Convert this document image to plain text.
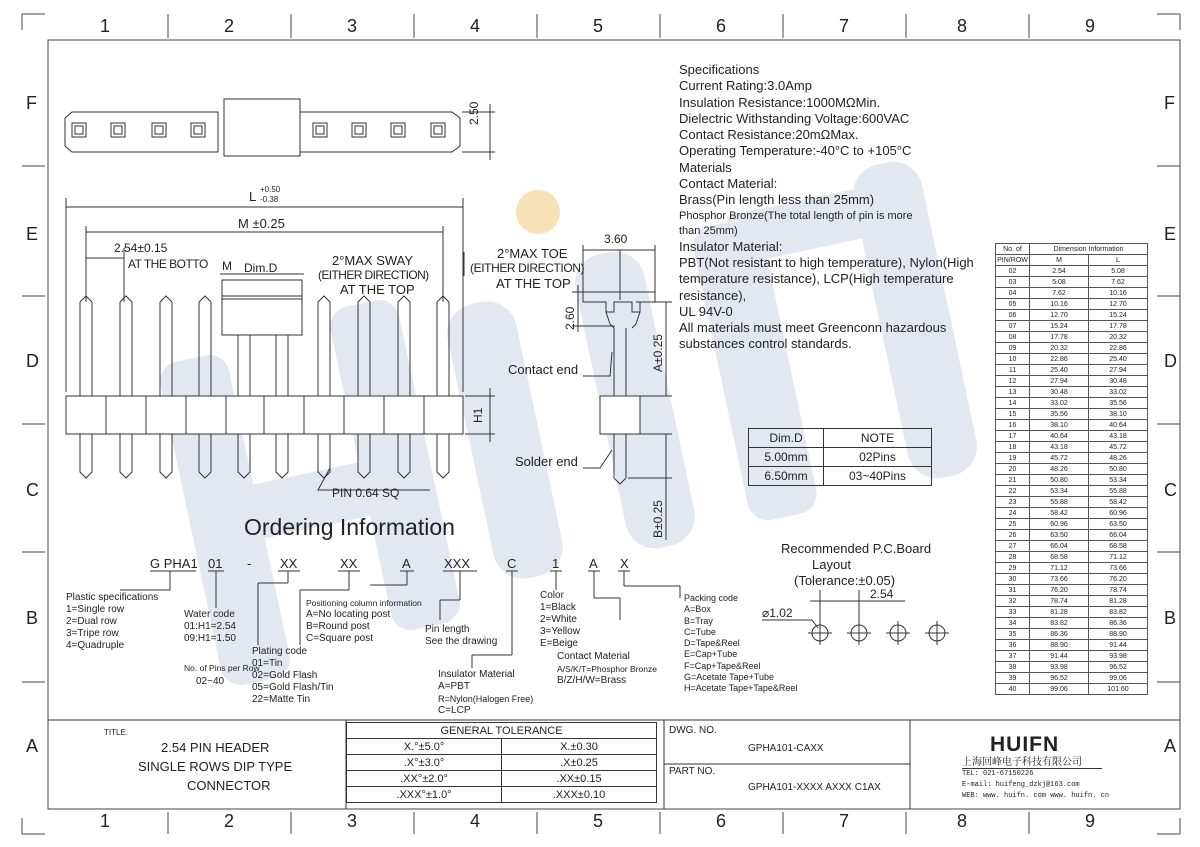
1	2	3	4	5	6	7	8	9
1	2	3	4	5	6	7	8	9
F
E
D
C
B
A
F
E
D
C
B
A
L +0.50
-0.38
M ±0.25
2.54±0.15
AT THE BOTTO M Dim.D	2°MAX SWAY
(EITHER DIRECTION)
AT THE TOP
2.50
H1
PIN 0.64 SQ
2°MAX TOE
(EITHER DIRECTION)
AT THE TOP
3.60
2.60
Contact end
Solder end
A±0.25
B±0.25
Specifications
Current Rating:3.0Amp
Insulation Resistance:1000MΩMin.
Dielectric Withstanding Voltage:600VAC
Contact Resistance:20mΩMax.
Operating Temperature:-40°C to +105°C
Materials
Contact Material:
Brass(Pin length less than 25mm)
Phosphor Bronze(The total length of pin is more than 25mm)
Insulator Material:
PBT(Not resistant to high temperature), Nylon(High temperature resistance), LCP(High temperature resistance),
UL 94V-0
All materials must meet Greenconn hazardous substances control standards.
No. of	Dimension Information	
PIN/ROW	M	L
02	2.54	5.08
03	5.08	7.62
04	7.62	10.16
05	10.16	12.70
06	12.70	15.24
07	15.24	17.78
08	17.78	20.32
09	20.32	22.86
10	22.86	25.40
11	25.40	27.94
12	27.94	30.48
13	30.48	33.02
14	33.02	35.56
15	35.56	38.10
16	38.10	40.64
17	40.64	43.18
18	43.18	45.72
19	45.72	48.26
20	48.26	50.80
21	50.80	53.34
22	53.34	55.88
23	55.88	58.42
24	58.42	60.96
25	60.96	63.50
26	63.50	66.04
27	66.04	68.58
28	68.58	71.12
29	71.12	73.66
30	73.66	76.20
31	76.20	78.74
32	78.74	81.28
33	81.28	83.82
34	83.82	86.36
35	86.36	88.90
36	88.90	91.44
37	91.44	93.98
38	93.98	96.52
39	96.52	99.06
40	99.06	101.60
Dim.D	NOTE
5.00mm	02Pins
6.50mm	03~40Pins
Ordering Information
G PHA1 01 - XX	XX	A	XXX	C	1 A X
Plastic specifications
1=Single row
2=Dual row
3=Tripe row
4=Quadruple
Water code
01:H1=2.54
09:H1=1.50
No. of Pins per Row
02~40
Plating code
01=Tin
02=Gold Flash
05=Gold Flash/Tin
22=Matte Tin
Positioning column information
A=No locating post
B=Round post
C=Square post
Pin length
See the drawing
Insulator Material
A=PBT
R=Nylon(Halogen Free)
C=LCP
Color
1=Black
2=White
3=Yellow
E=Beige
Contact Material
A/S/K/T=Phosphor Bronze
B/Z/H/W=Brass
Packing code
A=Box
B=Tray
C=Tube
D=Tape&Reel
E=Cap+Tube
F=Cap+Tape&Reel
G=Acetate Tape+Tube
H=Acetate Tape+Tape&Reel
Recommended P.C.Board
Layout
(Tolerance:±0.05)
2.54
⌀1.02
TITLE.
2.54 PIN HEADER
SINGLE ROWS DIP TYPE
CONNECTOR
GENERAL TOLERANCE	
X.°±5.0°	X.±0.30
.X°±3.0°	.X±0.25
.XX°±2.0°	.XX±0.15
.XXX°±1.0°	.XXX±0.10
DWG. NO.
GPHA101-CAXX
PART NO.
GPHA101-XXXX AXXX C1AX
HUIFN
上海回峰电子科技有限公司
TEL: 021-67150226
E-mail: huifeng_dzkj@163.com
WEB: www. huifn. com www. huifn. cn
